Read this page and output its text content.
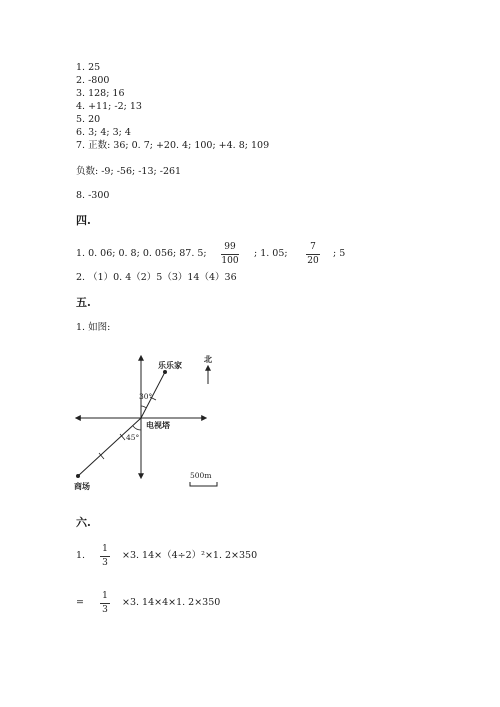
1. 25
2. -800
3. 128; 16
4. +11; -2; 13
5. 20
6. 3; 4; 3; 4
7. 正数: 36; 0. 7; +20. 4; 100; +4. 8; 109
负数: -9; -56; -13; -261
8. -300
四.
1. 0. 06; 0. 8; 0. 056; 87. 5;
99
100
; 1. 05;
7
20
; 5
2. （1）0. 4（2）5（3）14（4）36
五.
1. 如图:
乐乐家
北
30°
电视塔
45°
商场
500m
六.
1.
1
3
×3. 14×（4÷2）²×1. 2×350
=
1
3
×3. 14×4×1. 2×350
